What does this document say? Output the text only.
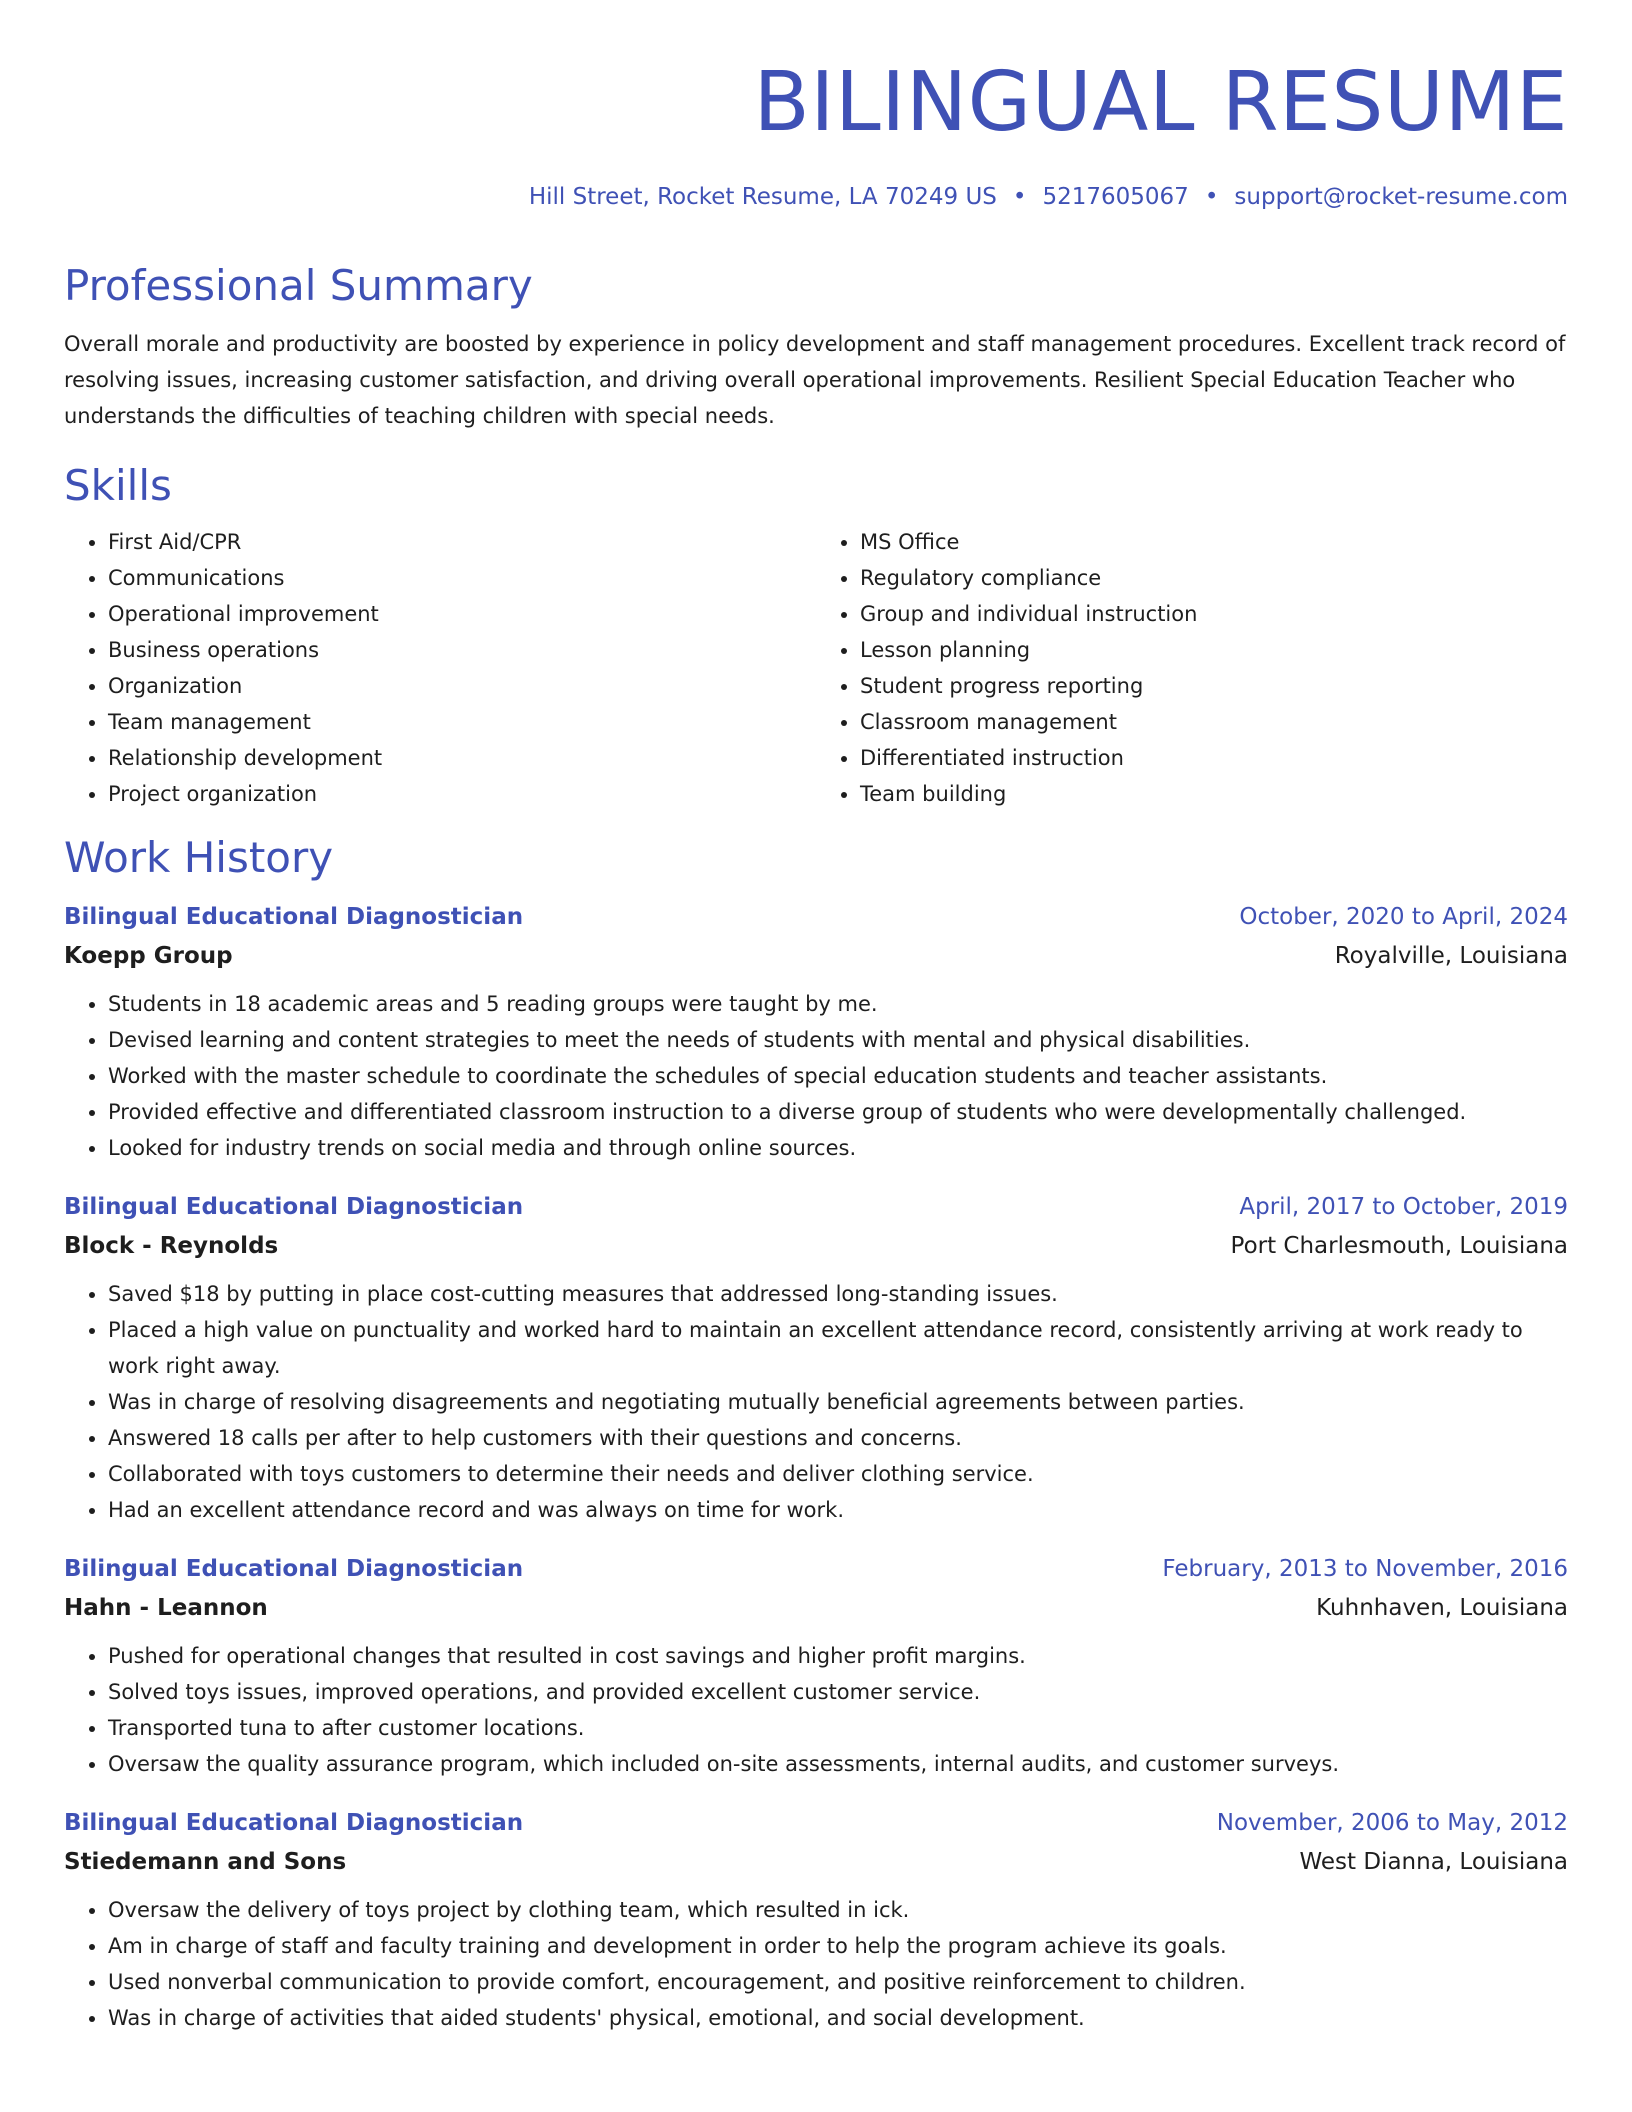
BILINGUAL RESUME
Hill Street, Rocket Resume, LA 70249 US • 5217605067 • support@rocket-resume.com
Professional Summary
Overall morale and productivity are boosted by experience in policy development and staff management procedures. Excellent track record of resolving issues, increasing customer satisfaction, and driving overall operational improvements. Resilient Special Education Teacher who understands the difficulties of teaching children with special needs.
Skills
• First Aid/CPR
• Communications
• Operational improvement
• Business operations
• Organization
• Team management
• Relationship development
• Project organization
• MS Office
• Regulatory compliance
• Group and individual instruction
• Lesson planning
• Student progress reporting
• Classroom management
• Differentiated instruction
• Team building
Work History
Bilingual Educational Diagnostician	October, 2020 to April, 2024
Koepp Group	Royalville, Louisiana
• Students in 18 academic areas and 5 reading groups were taught by me.
• Devised learning and content strategies to meet the needs of students with mental and physical disabilities.
• Worked with the master schedule to coordinate the schedules of special education students and teacher assistants.
• Provided effective and differentiated classroom instruction to a diverse group of students who were developmentally challenged.
• Looked for industry trends on social media and through online sources.
Bilingual Educational Diagnostician	April, 2017 to October, 2019
Block - Reynolds	Port Charlesmouth, Louisiana
• Saved $18 by putting in place cost-cutting measures that addressed long-standing issues.
• Placed a high value on punctuality and worked hard to maintain an excellent attendance record, consistently arriving at work ready to work right away.
• Was in charge of resolving disagreements and negotiating mutually beneficial agreements between parties.
• Answered 18 calls per after to help customers with their questions and concerns.
• Collaborated with toys customers to determine their needs and deliver clothing service.
• Had an excellent attendance record and was always on time for work.
Bilingual Educational Diagnostician	February, 2013 to November, 2016
Hahn - Leannon	Kuhnhaven, Louisiana
• Pushed for operational changes that resulted in cost savings and higher profit margins.
• Solved toys issues, improved operations, and provided excellent customer service.
• Transported tuna to after customer locations.
• Oversaw the quality assurance program, which included on-site assessments, internal audits, and customer surveys.
Bilingual Educational Diagnostician	November, 2006 to May, 2012
Stiedemann and Sons	West Dianna, Louisiana
• Oversaw the delivery of toys project by clothing team, which resulted in ick.
• Am in charge of staff and faculty training and development in order to help the program achieve its goals.
• Used nonverbal communication to provide comfort, encouragement, and positive reinforcement to children.
• Was in charge of activities that aided students' physical, emotional, and social development.
